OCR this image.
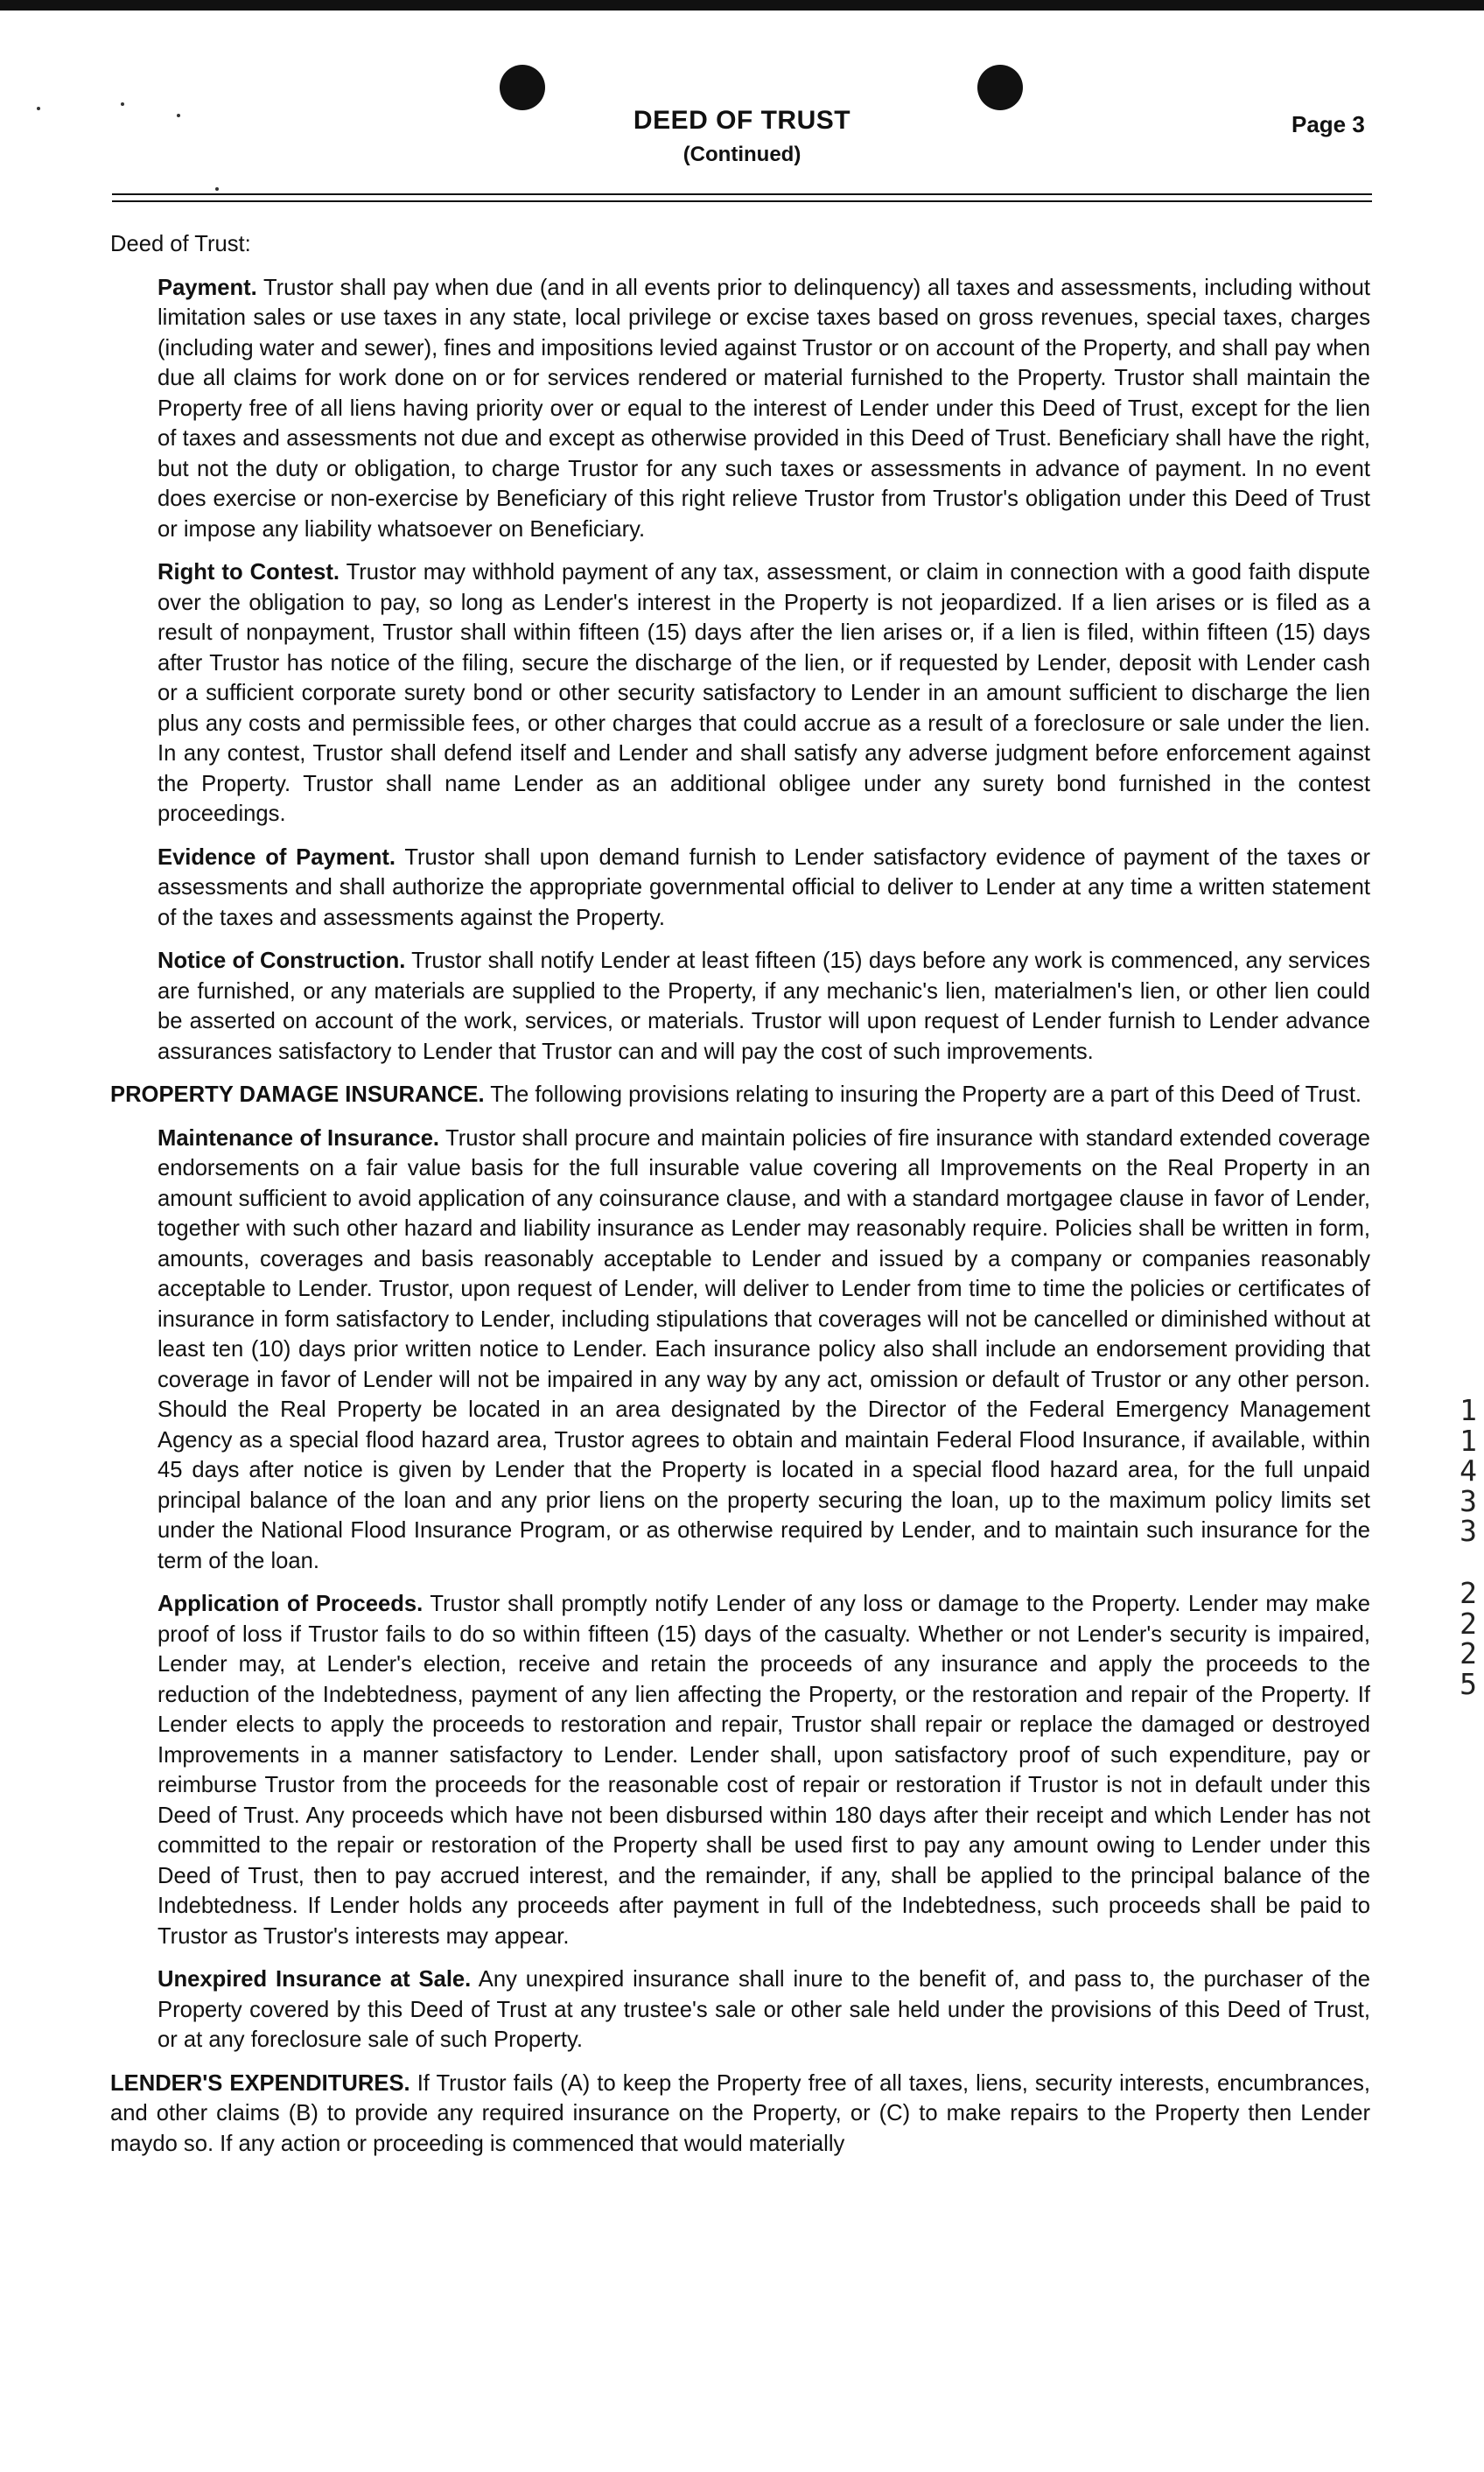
DEED OF TRUST
(Continued)
Page 3

Deed of Trust:

Payment. Trustor shall pay when due (and in all events prior to delinquency) all taxes and assessments, including without limitation sales or use taxes in any state, local privilege or excise taxes based on gross revenues, special taxes, charges (including water and sewer), fines and impositions levied against Trustor or on account of the Property, and shall pay when due all claims for work done on or for services rendered or material furnished to the Property. Trustor shall maintain the Property free of all liens having priority over or equal to the interest of Lender under this Deed of Trust, except for the lien of taxes and assessments not due and except as otherwise provided in this Deed of Trust. Beneficiary shall have the right, but not the duty or obligation, to charge Trustor for any such taxes or assessments in advance of payment. In no event does exercise or non-exercise by Beneficiary of this right relieve Trustor from Trustor's obligation under this Deed of Trust or impose any liability whatsoever on Beneficiary.

Right to Contest. Trustor may withhold payment of any tax, assessment, or claim in connection with a good faith dispute over the obligation to pay, so long as Lender's interest in the Property is not jeopardized. If a lien arises or is filed as a result of nonpayment, Trustor shall within fifteen (15) days after the lien arises or, if a lien is filed, within fifteen (15) days after Trustor has notice of the filing, secure the discharge of the lien, or if requested by Lender, deposit with Lender cash or a sufficient corporate surety bond or other security satisfactory to Lender in an amount sufficient to discharge the lien plus any costs and permissible fees, or other charges that could accrue as a result of a foreclosure or sale under the lien. In any contest, Trustor shall defend itself and Lender and shall satisfy any adverse judgment before enforcement against the Property. Trustor shall name Lender as an additional obligee under any surety bond furnished in the contest proceedings.

Evidence of Payment. Trustor shall upon demand furnish to Lender satisfactory evidence of payment of the taxes or assessments and shall authorize the appropriate governmental official to deliver to Lender at any time a written statement of the taxes and assessments against the Property.

Notice of Construction. Trustor shall notify Lender at least fifteen (15) days before any work is commenced, any services are furnished, or any materials are supplied to the Property, if any mechanic's lien, materialmen's lien, or other lien could be asserted on account of the work, services, or materials. Trustor will upon request of Lender furnish to Lender advance assurances satisfactory to Lender that Trustor can and will pay the cost of such improvements.

PROPERTY DAMAGE INSURANCE. The following provisions relating to insuring the Property are a part of this Deed of Trust.

Maintenance of Insurance. Trustor shall procure and maintain policies of fire insurance with standard extended coverage endorsements on a fair value basis for the full insurable value covering all Improvements on the Real Property in an amount sufficient to avoid application of any coinsurance clause, and with a standard mortgagee clause in favor of Lender, together with such other hazard and liability insurance as Lender may reasonably require. Policies shall be written in form, amounts, coverages and basis reasonably acceptable to Lender and issued by a company or companies reasonably acceptable to Lender. Trustor, upon request of Lender, will deliver to Lender from time to time the policies or certificates of insurance in form satisfactory to Lender, including stipulations that coverages will not be cancelled or diminished without at least ten (10) days prior written notice to Lender. Each insurance policy also shall include an endorsement providing that coverage in favor of Lender will not be impaired in any way by any act, omission or default of Trustor or any other person. Should the Real Property be located in an area designated by the Director of the Federal Emergency Management Agency as a special flood hazard area, Trustor agrees to obtain and maintain Federal Flood Insurance, if available, within 45 days after notice is given by Lender that the Property is located in a special flood hazard area, for the full unpaid principal balance of the loan and any prior liens on the property securing the loan, up to the maximum policy limits set under the National Flood Insurance Program, or as otherwise required by Lender, and to maintain such insurance for the term of the loan.

Application of Proceeds. Trustor shall promptly notify Lender of any loss or damage to the Property. Lender may make proof of loss if Trustor fails to do so within fifteen (15) days of the casualty. Whether or not Lender's security is impaired, Lender may, at Lender's election, receive and retain the proceeds of any insurance and apply the proceeds to the reduction of the Indebtedness, payment of any lien affecting the Property, or the restoration and repair of the Property. If Lender elects to apply the proceeds to restoration and repair, Trustor shall repair or replace the damaged or destroyed Improvements in a manner satisfactory to Lender. Lender shall, upon satisfactory proof of such expenditure, pay or reimburse Trustor from the proceeds for the reasonable cost of repair or restoration if Trustor is not in default under this Deed of Trust. Any proceeds which have not been disbursed within 180 days after their receipt and which Lender has not committed to the repair or restoration of the Property shall be used first to pay any amount owing to Lender under this Deed of Trust, then to pay accrued interest, and the remainder, if any, shall be applied to the principal balance of the Indebtedness. If Lender holds any proceeds after payment in full of the Indebtedness, such proceeds shall be paid to Trustor as Trustor's interests may appear.

Unexpired Insurance at Sale. Any unexpired insurance shall inure to the benefit of, and pass to, the purchaser of the Property covered by this Deed of Trust at any trustee's sale or other sale held under the provisions of this Deed of Trust, or at any foreclosure sale of such Property.

LENDER'S EXPENDITURES. If Trustor fails (A) to keep the Property free of all taxes, liens, security interests, encumbrances, and other claims (B) to provide any required insurance on the Property, or (C) to make repairs to the Property then Lender maydo so. If any action or proceeding is commenced that would materially

1
1
4
3
3
2
2
2
5
